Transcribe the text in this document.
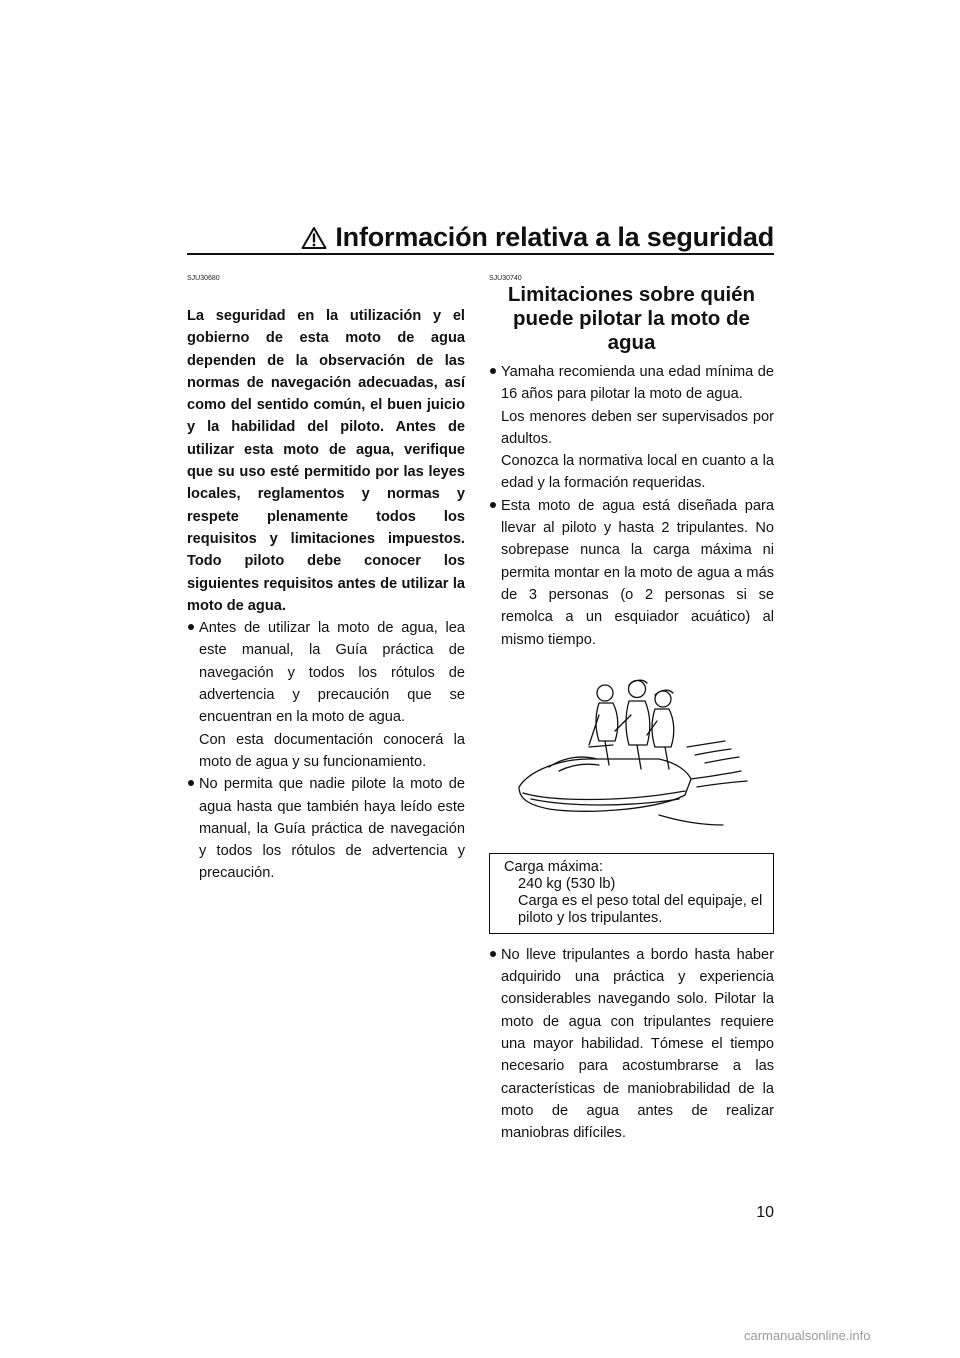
Información relativa a la seguridad
SJU30680

La seguridad en la utilización y el gobierno de esta moto de agua dependen de la observación de las normas de navegación adecuadas, así como del sentido común, el buen juicio y la habilidad del piloto. Antes de utilizar esta moto de agua, verifique que su uso esté permitido por las leyes locales, reglamentos y normas y respete plenamente todos los requisitos y limitaciones impuestos. Todo piloto debe conocer los siguientes requisitos antes de utilizar la moto de agua.

Antes de utilizar la moto de agua, lea este manual, la Guía práctica de navegación y todos los rótulos de advertencia y precaución que se encuentran en la moto de agua.

Con esta documentación conocerá la moto de agua y su funcionamiento.

No permita que nadie pilote la moto de agua hasta que también haya leído este manual, la Guía práctica de navegación y todos los rótulos de advertencia y precaución.

SJU30740
Limitaciones sobre quién puede pilotar la moto de agua

Yamaha recomienda una edad mínima de 16 años para pilotar la moto de agua.

Los menores deben ser supervisados por adultos.

Conozca la normativa local en cuanto a la edad y la formación requeridas.

Esta moto de agua está diseñada para llevar al piloto y hasta 2 tripulantes. No sobrepase nunca la carga máxima ni permita montar en la moto de agua a más de 3 personas (o 2 personas si se remolca a un esquiador acuático) al mismo tiempo.

Carga máxima:
240 kg (530 lb)
Carga es el peso total del equipaje, el piloto y los tripulantes.

No lleve tripulantes a bordo hasta haber adquirido una práctica y experiencia considerables navegando solo. Pilotar la moto de agua con tripulantes requiere una mayor habilidad. Tómese el tiempo necesario para acostumbrarse a las características de maniobrabilidad de la moto de agua antes de realizar maniobras difíciles.

10
carmanualsonline.info
